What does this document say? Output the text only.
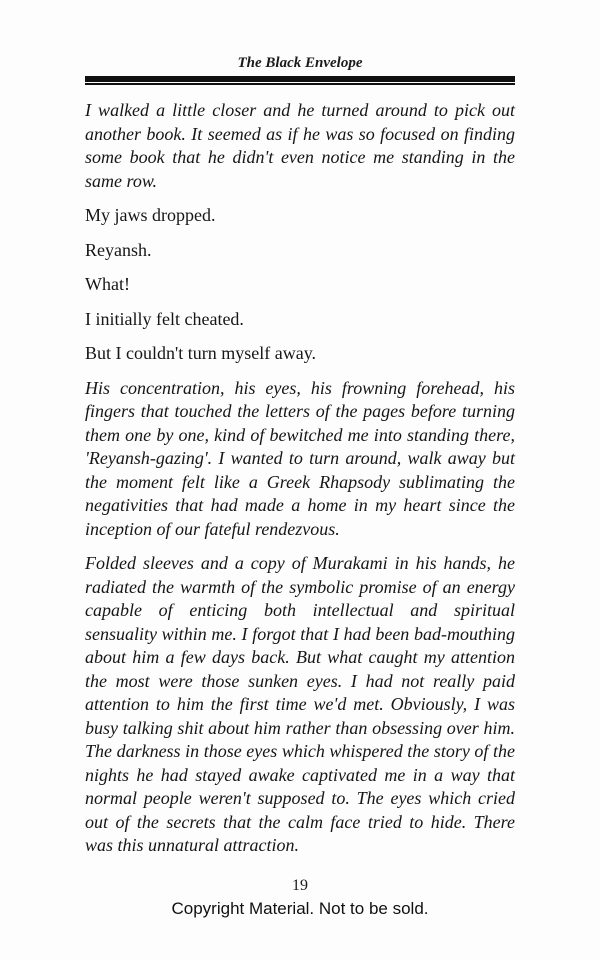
The Black Envelope

I walked a little closer and he turned around to pick out another book. It seemed as if he was so focused on finding some book that he didn't even notice me standing in the same row.

My jaws dropped.

Reyansh.

What!

I initially felt cheated.

But I couldn't turn myself away.

His concentration, his eyes, his frowning forehead, his fingers that touched the letters of the pages before turning them one by one, kind of bewitched me into standing there, 'Reyansh-gazing'. I wanted to turn around, walk away but the moment felt like a Greek Rhapsody sublimating the negativities that had made a home in my heart since the inception of our fateful rendezvous.

Folded sleeves and a copy of Murakami in his hands, he radiated the warmth of the symbolic promise of an energy capable of enticing both intellectual and spiritual sensuality within me. I forgot that I had been bad-mouthing about him a few days back. But what caught my attention the most were those sunken eyes. I had not really paid attention to him the first time we'd met. Obviously, I was busy talking shit about him rather than obsessing over him. The darkness in those eyes which whispered the story of the nights he had stayed awake captivated me in a way that normal people weren't supposed to. The eyes which cried out of the secrets that the calm face tried to hide. There was this unnatural attraction.

19
Copyright Material. Not to be sold.
